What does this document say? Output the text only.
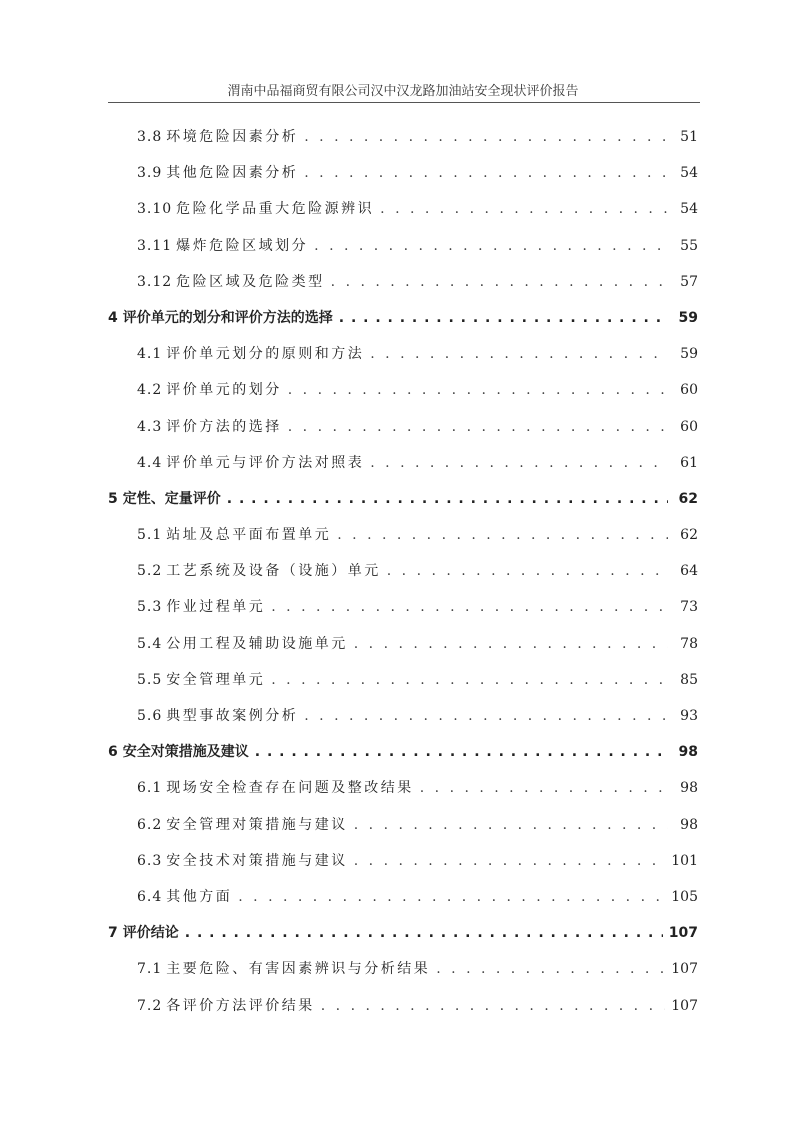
渭南中品福商贸有限公司汉中汉龙路加油站安全现状评价报告
3.8 环境危险因素分析 . . .	51
3.9 其他危险因素分析 . . .	54
3.10 危险化学品重大危险源辨识 . . .	54
3.11 爆炸危险区域划分 . . .	55
3.12 危险区域及危险类型 . . .	57
4 评价单元的划分和评价方法的选择 . . .	59
4.1 评价单元划分的原则和方法 . . .	59
4.2 评价单元的划分 . . .	60
4.3 评价方法的选择 . . .	60
4.4 评价单元与评价方法对照表 . . .	61
5 定性、定量评价 . . .	62
5.1 站址及总平面布置单元 . . .	62
5.2 工艺系统及设备（设施）单元 . . .	64
5.3 作业过程单元 . . .	73
5.4 公用工程及辅助设施单元 . . .	78
5.5 安全管理单元 . . .	85
5.6 典型事故案例分析 . . .	93
6 安全对策措施及建议 . . .	98
6.1 现场安全检查存在问题及整改结果 . . .	98
6.2 安全管理对策措施与建议 . . .	98
6.3 安全技术对策措施与建议 . . .	101
6.4 其他方面 . . .	105
7 评价结论 . . .	107
7.1 主要危险、有害因素辨识与分析结果 . . .	107
7.2 各评价方法评价结果 . . .	107
